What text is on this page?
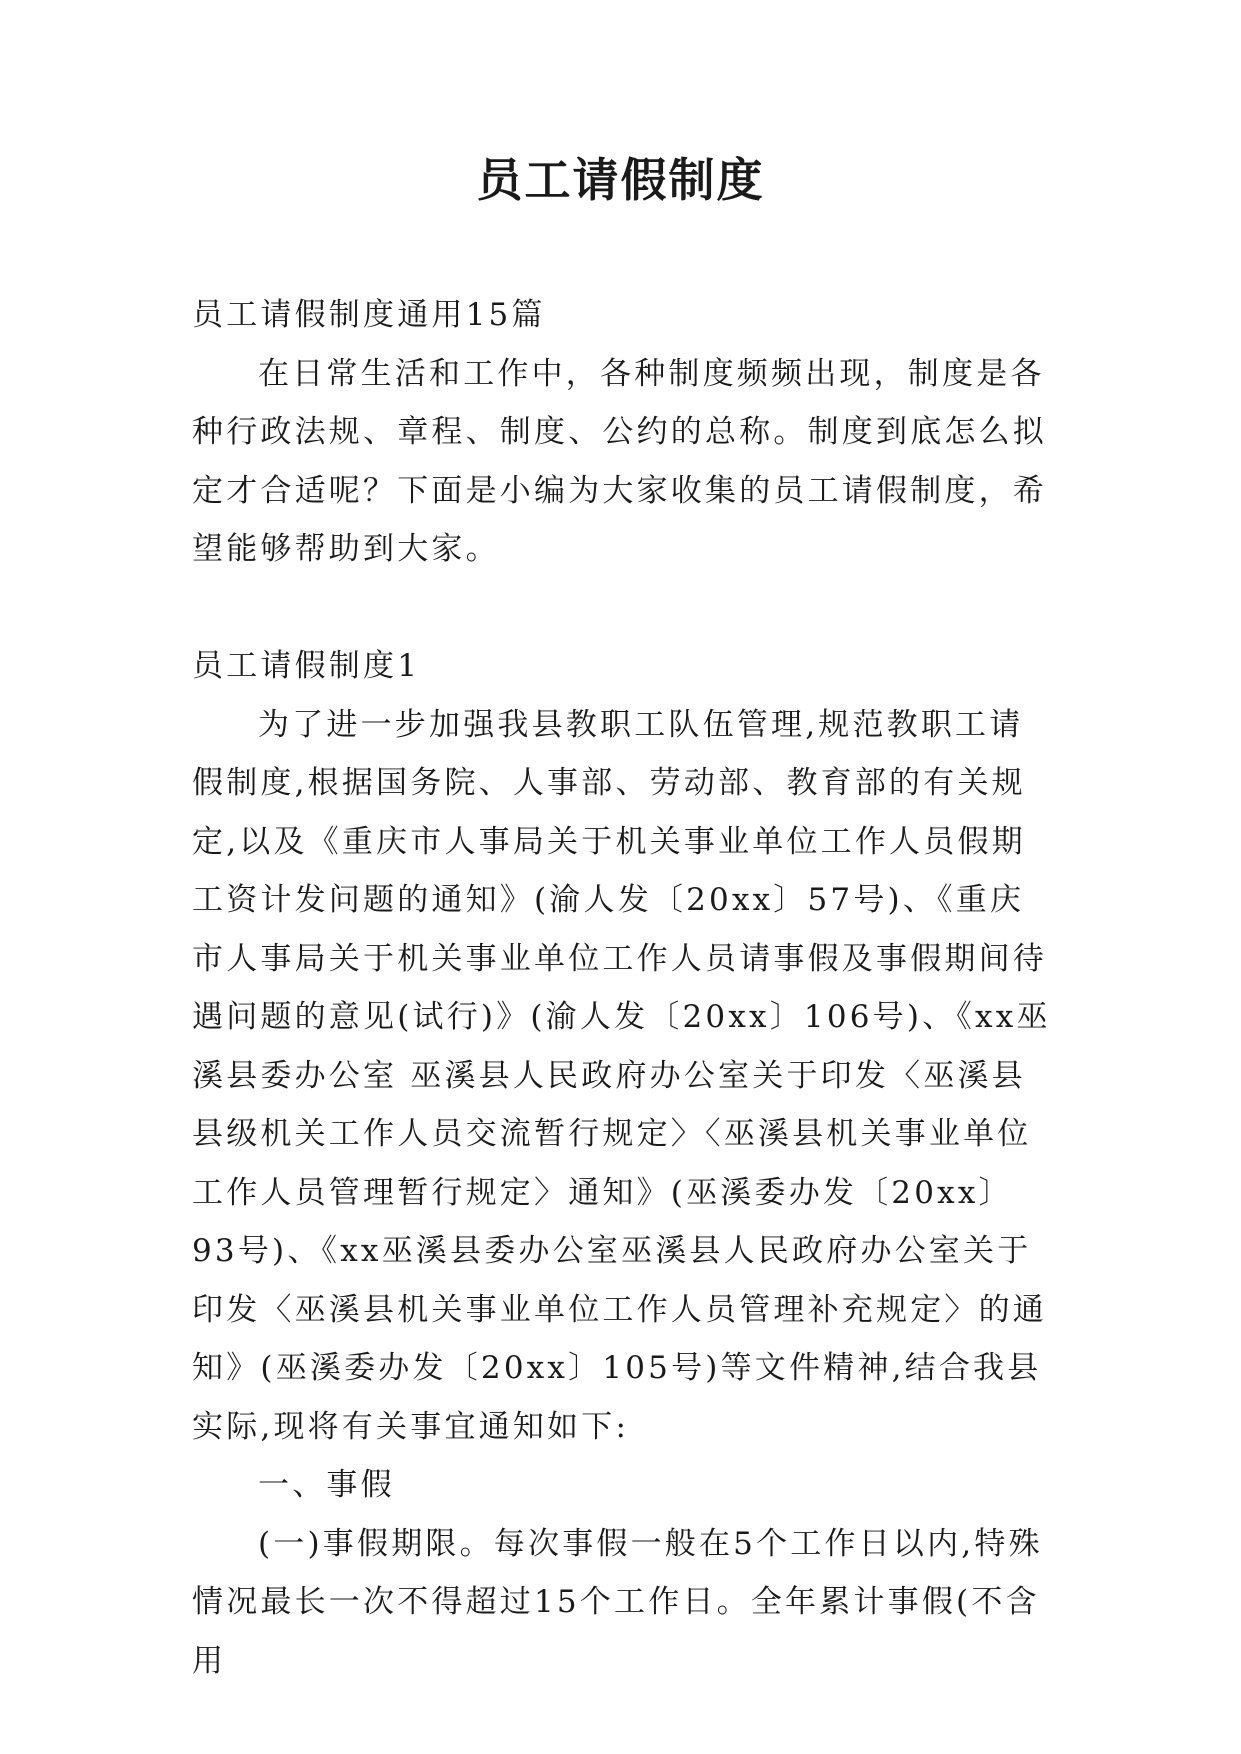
员工请假制度

员工请假制度通用15篇

在日常生活和工作中，各种制度频频出现，制度是各种行政法规、章程、制度、公约的总称。制度到底怎么拟定才合适呢？下面是小编为大家收集的员工请假制度，希望能够帮助到大家。

员工请假制度1

为了进一步加强我县教职工队伍管理,规范教职工请假制度,根据国务院、人事部、劳动部、教育部的有关规定,以及《重庆市人事局关于机关事业单位工作人员假期工资计发问题的通知》(渝人发〔20xx〕57号)、《重庆市人事局关于机关事业单位工作人员请事假及事假期间待遇问题的意见(试行)》(渝人发〔20xx〕106号)、《xx巫溪县委办公室 巫溪县人民政府办公室关于印发〈巫溪县县级机关工作人员交流暂行规定〉〈巫溪县机关事业单位工作人员管理暂行规定〉通知》(巫溪委办发〔20xx〕93号)、《xx巫溪县委办公室巫溪县人民政府办公室关于印发〈巫溪县机关事业单位工作人员管理补充规定〉的通知》(巫溪委办发〔20xx〕105号)等文件精神,结合我县实际,现将有关事宜通知如下:

一、事假

(一)事假期限。每次事假一般在5个工作日以内,特殊情况最长一次不得超过15个工作日。全年累计事假(不含用
